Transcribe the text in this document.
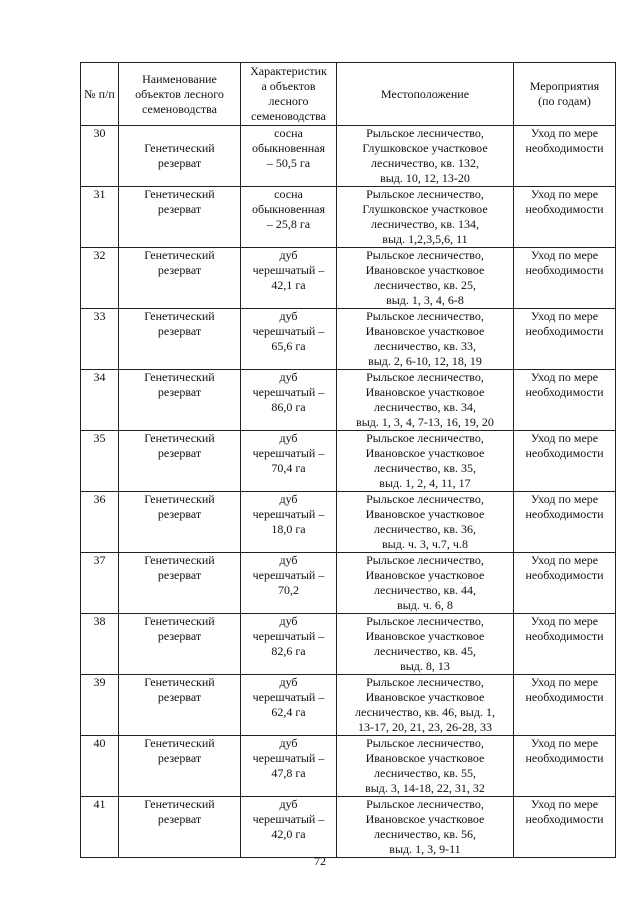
№ п/п	Наименование
объектов лесного
семеноводства	Характеристик
а объектов
лесного
семеноводства	Местоположение	Мероприятия
(по годам)

30	Генетический
резерват	сосна
обыкновенная
– 50,5 га	Рыльское лесничество,
Глушковское участковое
лесничество, кв. 132,
выд. 10, 12, 13-20	Уход по мере
необходимости

31	Генетический
резерват	сосна
обыкновенная
– 25,8 га	Рыльское лесничество,
Глушковское участковое
лесничество, кв. 134,
выд. 1,2,3,5,6, 11	Уход по мере
необходимости

32	Генетический
резерват	дуб
черешчатый –
42,1 га	Рыльское лесничество,
Ивановское участковое
лесничество, кв. 25,
выд. 1, 3, 4, 6-8	Уход по мере
необходимости

33	Генетический
резерват	дуб
черешчатый –
65,6 га	Рыльское лесничество,
Ивановское участковое
лесничество, кв. 33,
выд. 2, 6-10, 12, 18, 19	Уход по мере
необходимости

34	Генетический
резерват	дуб
черешчатый –
86,0 га	Рыльское лесничество,
Ивановское участковое
лесничество, кв. 34,
выд. 1, 3, 4, 7-13, 16, 19, 20	Уход по мере
необходимости

35	Генетический
резерват	дуб
черешчатый –
70,4 га	Рыльское лесничество,
Ивановское участковое
лесничество, кв. 35,
выд. 1, 2, 4, 11, 17	Уход по мере
необходимости

36	Генетический
резерват	дуб
черешчатый –
18,0 га	Рыльское лесничество,
Ивановское участковое
лесничество, кв. 36,
выд. ч. 3, ч.7, ч.8	Уход по мере
необходимости

37	Генетический
резерват	дуб
черешчатый –
70,2	Рыльское лесничество,
Ивановское участковое
лесничество, кв. 44,
выд. ч. 6, 8	Уход по мере
необходимости

38	Генетический
резерват	дуб
черешчатый –
82,6 га	Рыльское лесничество,
Ивановское участковое
лесничество, кв. 45,
выд. 8, 13	Уход по мере
необходимости

39	Генетический
резерват	дуб
черешчатый –
62,4 га	Рыльское лесничество,
Ивановское участковое
лесничество, кв. 46, выд. 1,
13-17, 20, 21, 23, 26-28, 33	Уход по мере
необходимости

40	Генетический
резерват	дуб
черешчатый –
47,8 га	Рыльское лесничество,
Ивановское участковое
лесничество, кв. 55,
выд. 3, 14-18, 22, 31, 32	Уход по мере
необходимости

41	Генетический
резерват	дуб
черешчатый –
42,0 га	Рыльское лесничество,
Ивановское участковое
лесничество, кв. 56,
выд. 1, 3, 9-11	Уход по мере
необходимости
72
